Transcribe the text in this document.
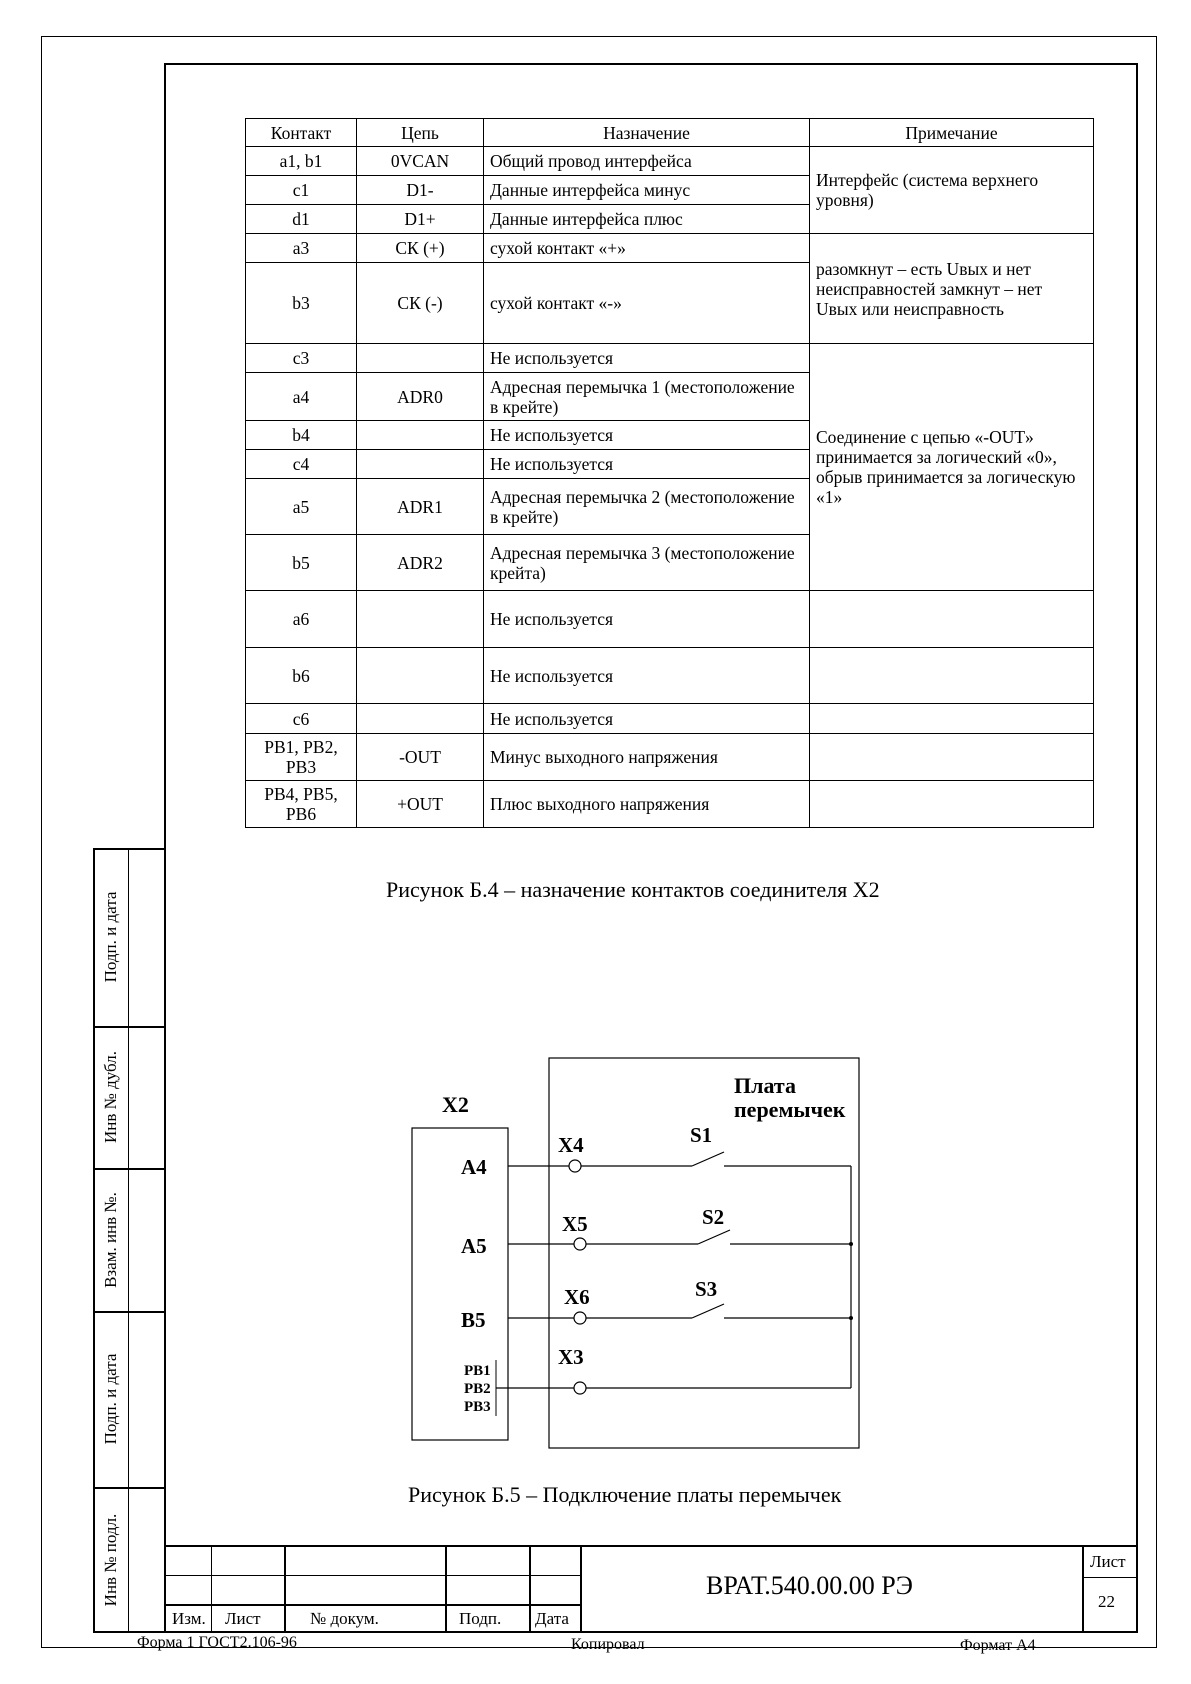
Контакт	Цепь	Назначение	Примечание
a1, b1	0VCAN	Общий провод интерфейса	Интерфейс (система верхнего уровня)
c1	D1-	Данные интерфейса минус	
d1	D1+	Данные интерфейса плюс	
a3	СК (+)	сухой контакт «+»	разомкнут – есть Uвых и нет неисправностей замкнут – нет Uвых или неисправность
b3	СК (-)	сухой контакт «-»	
c3		Не используется	Соединение с цепью «-OUT» принимается за логический «0», обрыв принимается за логическую «1»
a4	ADR0	Адресная перемычка 1 (местоположение в крейте)	
b4		Не используется	
c4		Не используется	
a5	ADR1	Адресная перемычка 2 (местоположение в крейте)	
b5	ADR2	Адресная перемычка 3 (местоположение крейта)	
a6		Не используется	
b6		Не используется	
c6		Не используется	
PB1, PB2, PB3	-OUT	Минус выходного напряжения	
PB4, PB5, PB6	+OUT	Плюс выходного напряжения	
Рисунок Б.4 – назначение контактов соединителя Х2
Х2
Плата
перемычек
A4
A5
B5
PB1
PB2
PB3
X4
X5
X6
X3
S1
S2
S3
Рисунок Б.5 – Подключение платы перемычек
Подп. и дата
Инв № дубл.
Взам. инв №.
Подп. и дата
Инв № подл.
Изм. Лист	№ докум.	Подп. Дата
ВРАТ.540.00.00 РЭ
Лист
22
Форма 1 ГОСТ2.106-96	Копировал	Формат А4
